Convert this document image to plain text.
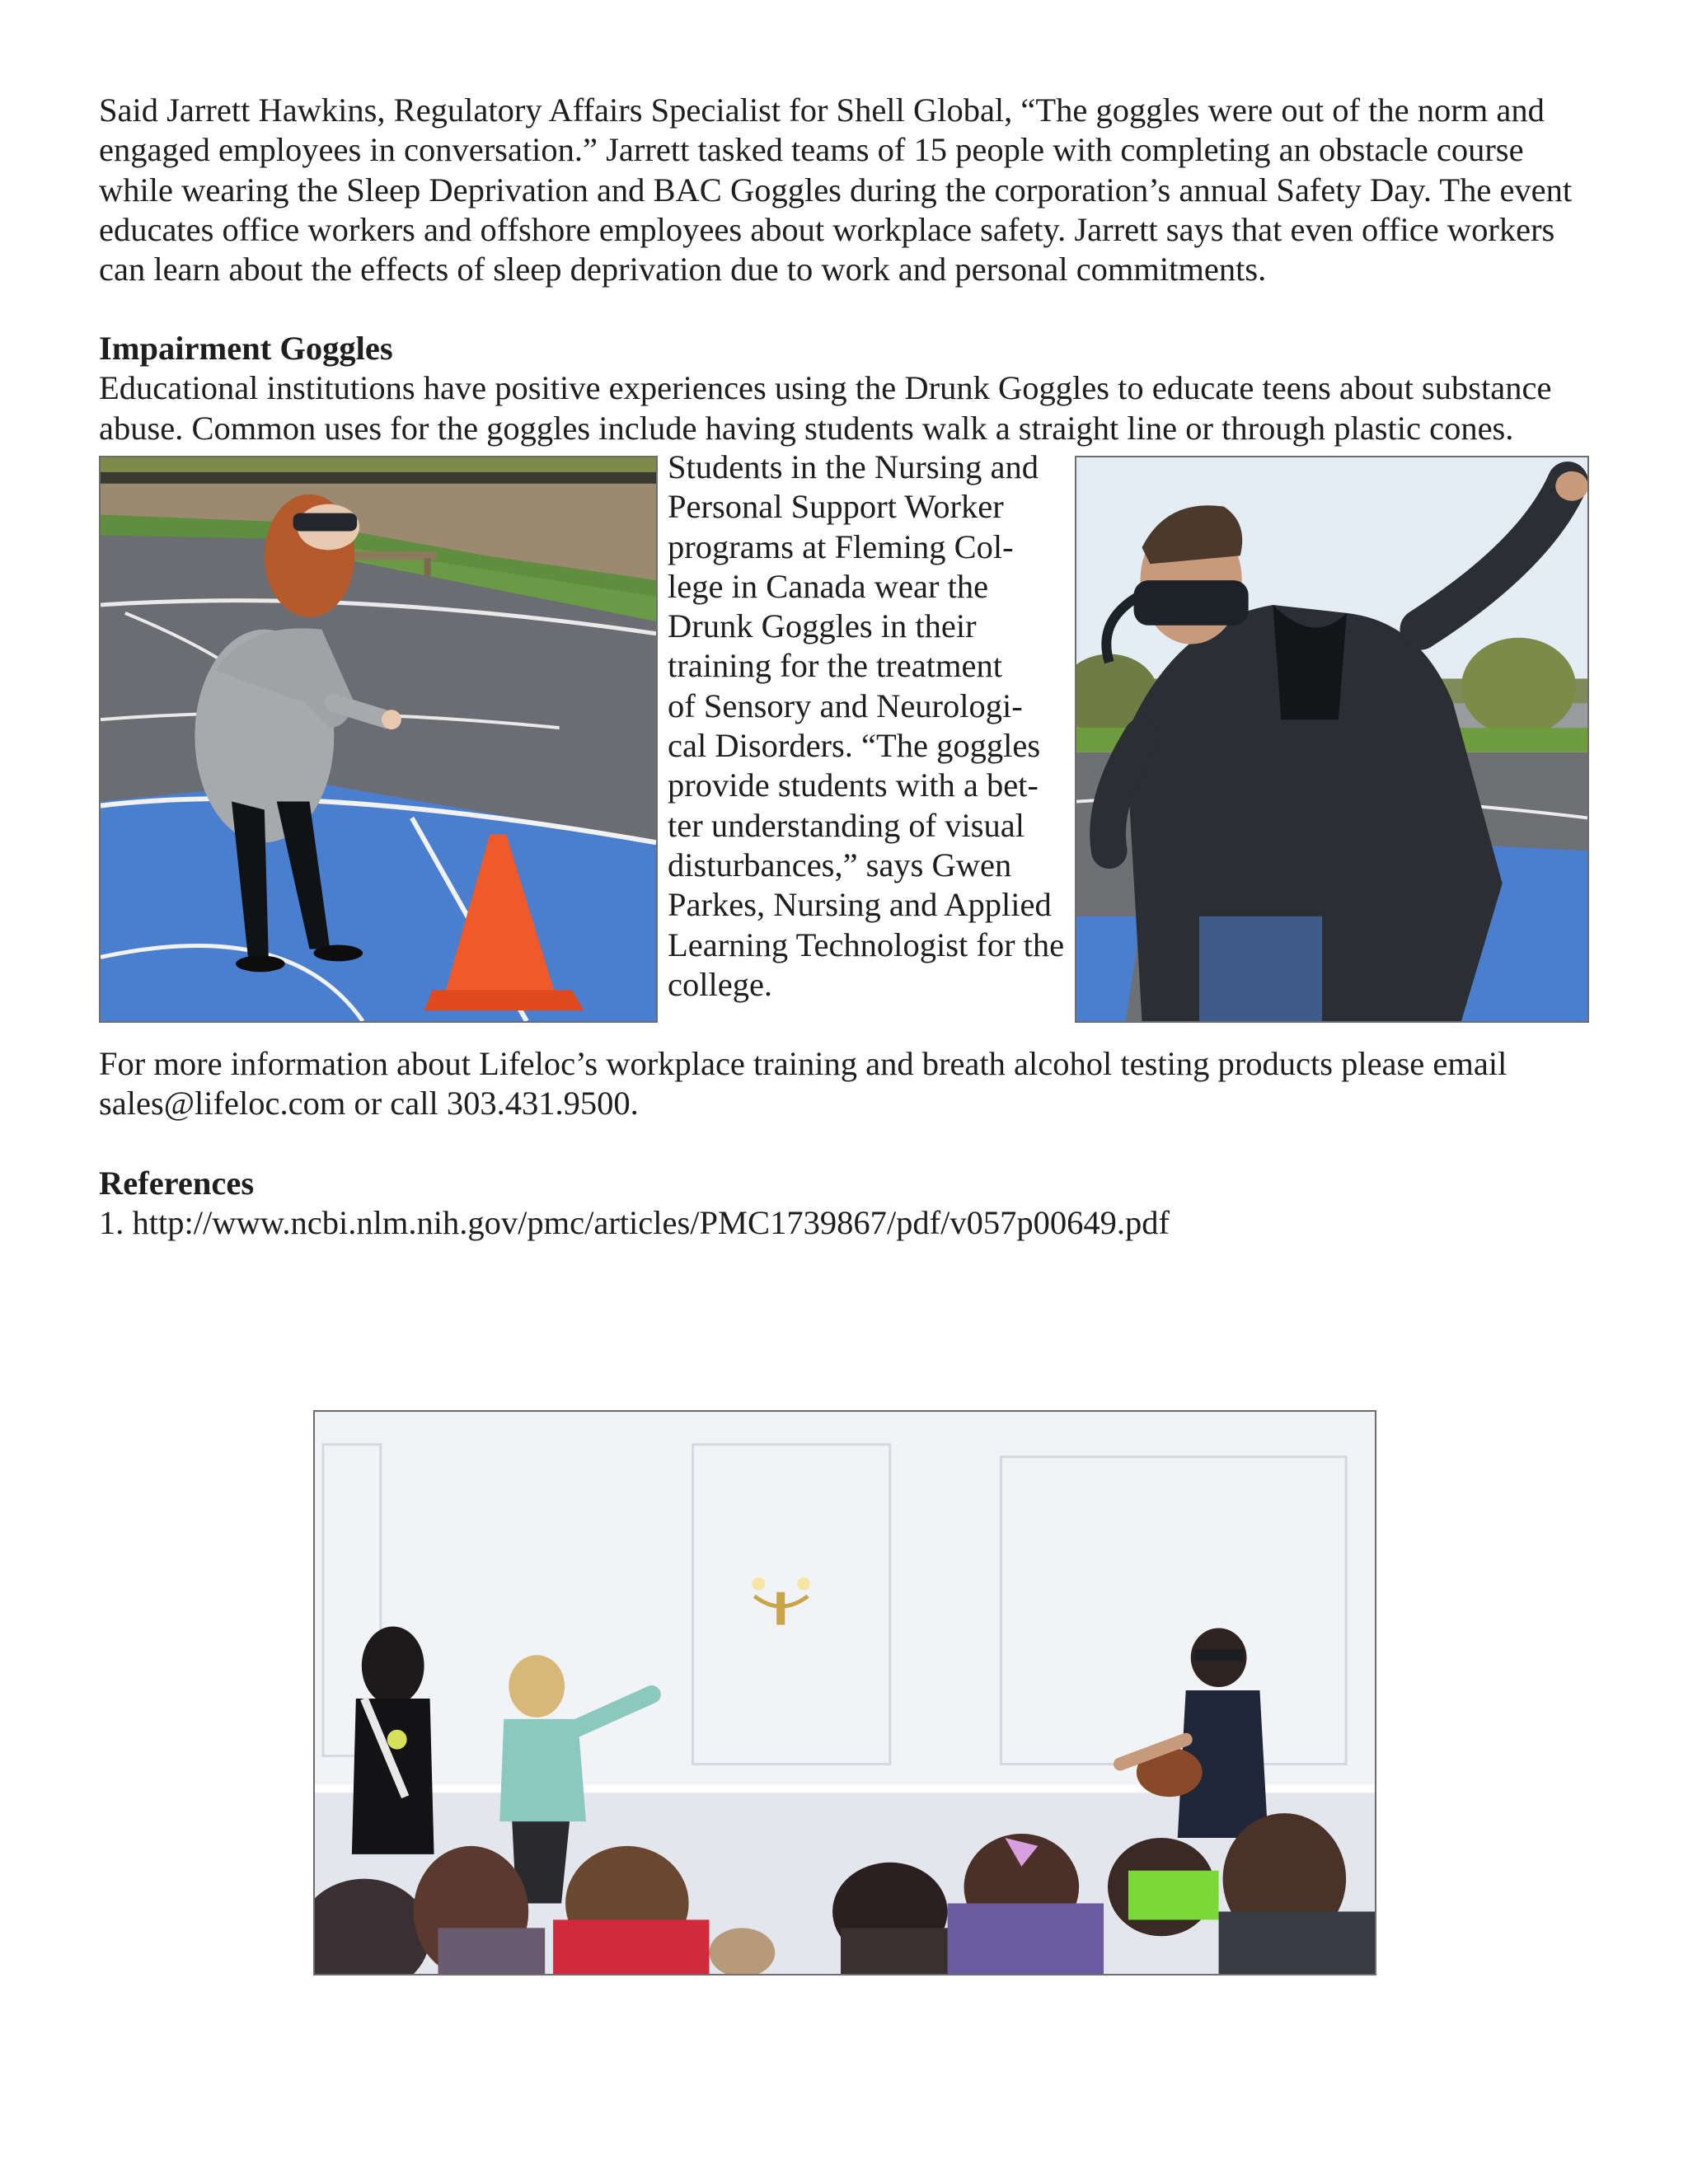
Said Jarrett Hawkins, Regulatory Affairs Specialist for Shell Global, “The goggles were out of the norm and
engaged employees in conversation.” Jarrett tasked teams of 15 people with completing an obstacle course
while wearing the Sleep Deprivation and BAC Goggles during the corporation’s annual Safety Day. The event
educates office workers and offshore employees about workplace safety. Jarrett says that even office workers
can learn about the effects of sleep deprivation due to work and personal commitments.
Impairment Goggles
Educational institutions have positive experiences using the Drunk Goggles to educate teens about substance
abuse. Common uses for the goggles include having students walk a straight line or through plastic cones.
Students in the Nursing and
Personal Support Worker
programs at Fleming Col-
lege in Canada wear the
Drunk Goggles in their
training for the treatment
of Sensory and Neurologi-
cal Disorders. “The goggles
provide students with a bet-
ter understanding of visual
disturbances,” says Gwen
Parkes, Nursing and Applied
Learning Technologist for the
college.
For more information about Lifeloc’s workplace training and breath alcohol testing products please email
sales@lifeloc.com or call 303.431.9500.
References
1. http://www.ncbi.nlm.nih.gov/pmc/articles/PMC1739867/pdf/v057p00649.pdf
